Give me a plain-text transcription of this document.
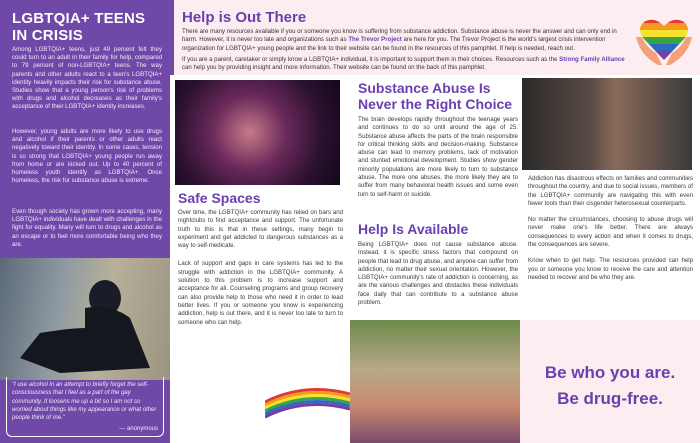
LGBTQIA+ TEENS IN CRISIS

Among LGBTQIA+ teens, just 49 percent felt they could turn to an adult in their family for help, compared to 79 percent of non-LGBTQIA+ teens. The way parents and other adults react to a teen's LGBTQIA+ identity heavily impacts their risk for substance abuse. Studies show that a young person's risk of problems with drugs and alcohol decreases as their family's acceptance of their LGBTQIA+ identity increases.

However, young adults are more likely to use drugs and alcohol if their parents or other adults react negatively toward their identity. In some cases, tension is so strong that LGBTQIA+ young people run away from home or are kicked out. Up to 40 percent of homeless youth identify as LGBTQIA+. Once homeless, the risk for substance abuse is extreme.

Even though society has grown more accepting, many LGBTQIA+ individuals have dealt with challenges in the fight for equality. Many will turn to drugs and alcohol as an escape or to feel more comfortable being who they are.

"I use alcohol in an attempt to briefly forget the self-consciousness that I feel as a part of the gay community. It loosens me up a bit so I am not so worried about things like my appearance or what other people think of me."

— anonymous

Help is Out There

There are many resources available if you or someone you know is suffering from substance addiction. Substance abuse is never the answer and can only end in harm. However, it is never too late and organizations such as The Trevor Project are here for you. The Trevor Project is the world's largest crisis intervention organization for LGBTQIA+ young people and the link to their website can be found in the resources of this pamphlet. If help is needed, reach out.

If you are a parent, caretaker or simply know a LGBTQIA+ individual, it is important to support them in their choices. Resources such as the Strong Family Alliance can help you by providing insight and more information. Their website can be found on the back of this pamphlet.

Safe Spaces

Over time, the LGBTQIA+ community has relied on bars and nightclubs to find acceptance and support. The unfortunate truth to this is that in these settings, many begin to experiment and get addicted to dangerous substances as a way to self-medicate.

Lack of support and gaps in care systems has led to the struggle with addiction in the LGBTQIA+ community. A solution to this problem is to increase support and acceptance for all. Counseling programs and group recovery can also provide help to those who need it in order to lead better lives. If you or someone you know is experiencing addiction, help is out there, and it is never too late to turn to someone who can help.

Substance Abuse Is Never the Right Choice

The brain develops rapidly throughout the teenage years and continues to do so until around the age of 25. Substance abuse affects the parts of the brain responsible for critical thinking skills and decision-making. Substance abuse can lead to memory problems, lack of motivation and stunted emotional development. Studies show gender minority populations are more likely to turn to substance abuse. The more one abuses, the more likely they are to suffer from many behavioral health issues and some even turn to self-harm or suicide.

Help Is Available

Being LGBTQIA+ does not cause substance abuse. Instead, it is specific stress factors that compound on people that lead to drug abuse, and anyone can suffer from addiction, no matter their sexual orientation. However, the LGBTQIA+ community's rate of addiction is concerning, as are the various challenges and obstacles these individuals face daily that can contribute to a substance abuse problem.

Addiction has disastrous effects on families and communities throughout the country, and due to social issues, members of the LGBTQIA+ community are navigating this with even fewer tools than their cisgender heterosexual counterparts.

No matter the circumstances, choosing to abuse drugs will never make one's life better. There are always consequences to every action and when it comes to drugs, the consequences are severe.

Know when to get help. The resources provided can help you or someone you know to receive the care and attention needed to recover and be who they are.

Be who you are.
Be drug-free.
